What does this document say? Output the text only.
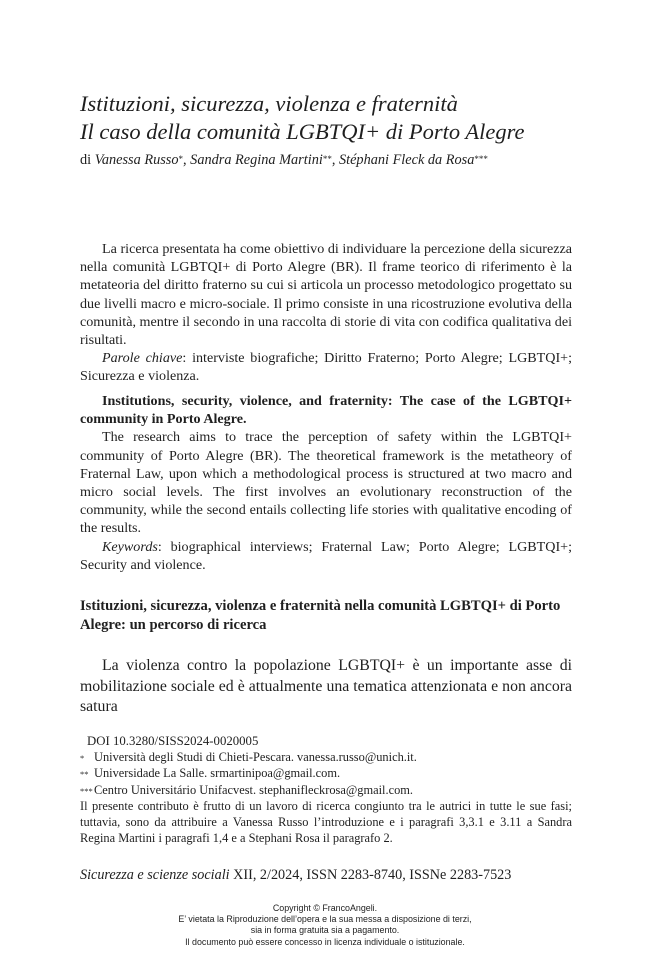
Istituzioni, sicurezza, violenza e fraternità
Il caso della comunità LGBTQI+ di Porto Alegre
di Vanessa Russo*, Sandra Regina Martini**, Stéphani Fleck da Rosa***

La ricerca presentata ha come obiettivo di individuare la percezione della sicurezza nella comunità LGBTQI+ di Porto Alegre (BR). Il frame teorico di riferimento è la metateoria del diritto fraterno su cui si articola un processo metodologico progettato su due livelli macro e micro-sociale. Il primo consiste in una ricostruzione evolutiva della comunità, mentre il secondo in una raccolta di storie di vita con codifica qualitativa dei risultati.

Parole chiave: interviste biografiche; Diritto Fraterno; Porto Alegre; LGBTQI+; Sicurezza e violenza.

Institutions, security, violence, and fraternity: The case of the LGBTQI+ community in Porto Alegre.

The research aims to trace the perception of safety within the LGBTQI+ community of Porto Alegre (BR). The theoretical framework is the metatheory of Fraternal Law, upon which a methodological process is structured at two macro and micro social levels. The first involves an evolutionary reconstruction of the community, while the second entails collecting life stories with qualitative encoding of the results.

Keywords: biographical interviews; Fraternal Law; Porto Alegre; LGBTQI+; Security and violence.

Istituzioni, sicurezza, violenza e fraternità nella comunità LGBTQI+ di Porto Alegre: un percorso di ricerca

La violenza contro la popolazione LGBTQI+ è un importante asse di mobilitazione sociale ed è attualmente una tematica attenzionata e non ancora satura

DOI 10.3280/SISS2024-0020005

* Università degli Studi di Chieti-Pescara. vanessa.russo@unich.it.

** Universidade La Salle. srmartinipoa@gmail.com.

***Centro Universitário Unifacvest. stephanifleckrosa@gmail.com.

Il presente contributo è frutto di un lavoro di ricerca congiunto tra le autrici in tutte le sue fasi; tuttavia, sono da attribuire a Vanessa Russo l’introduzione e i paragrafi 3,3.1 e 3.11 a Sandra Regina Martini i paragrafi 1,4 e a Stephani Rosa il paragrafo 2.

Sicurezza e scienze sociali XII, 2/2024, ISSN 2283-8740, ISSNe 2283-7523
Copyright © FrancoAngeli.
E’ vietata la Riproduzione dell’opera e la sua messa a disposizione di terzi,
sia in forma gratuita sia a pagamento.
Il documento può essere concesso in licenza individuale o istituzionale.
